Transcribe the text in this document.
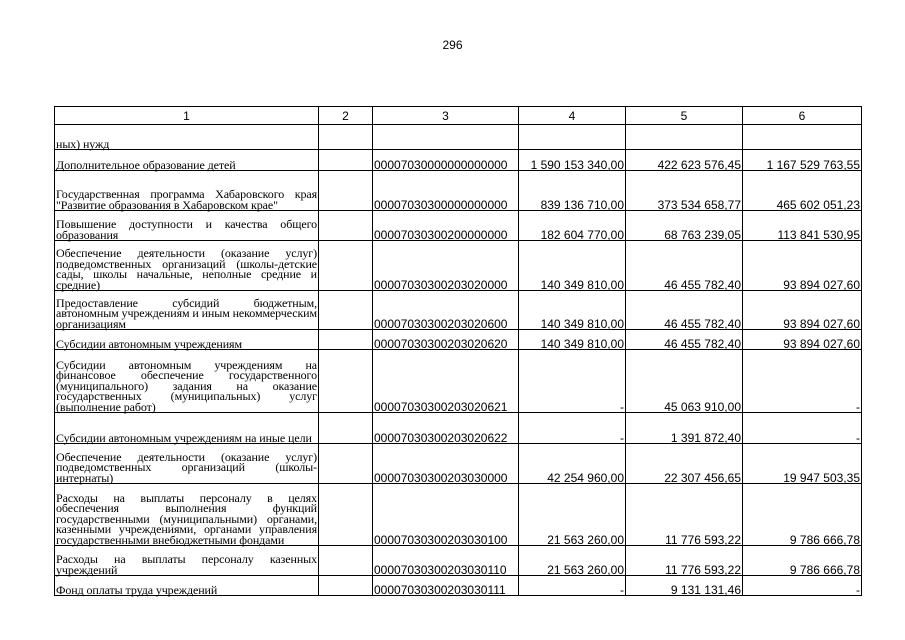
296
1	2	3	4	5	6
ных) нужд					
Дополнительное образование детей		00007030000000000000	1 590 153 340,00	422 623 576,45	1 167 529 763,55
Государственная программа Хабаровского края "Развитие образования в Хабаровском крае"		00007030300000000000	839 136 710,00	373 534 658,77	465 602 051,23
Повышение доступности и качества общего образования		00007030300200000000	182 604 770,00	68 763 239,05	113 841 530,95
Обеспечение деятельности (оказание услуг) подведомственных организаций (школы-детские сады, школы начальные, неполные средние и средние)		00007030300203020000	140 349 810,00	46 455 782,40	93 894 027,60
Предоставление субсидий бюджетным, автономным учреждениям и иным некоммерческим организациям		00007030300203020600	140 349 810,00	46 455 782,40	93 894 027,60
Субсидии автономным учреждениям		00007030300203020620	140 349 810,00	46 455 782,40	93 894 027,60
Субсидии автономным учреждениям на финансовое обеспечение государственного (муниципального) задания на оказание государственных (муниципальных) услуг (выполнение работ)		00007030300203020621	-	45 063 910,00	-
Субсидии автономным учреждениям на иные цели		00007030300203020622	-	1 391 872,40	-
Обеспечение деятельности (оказание услуг) подведомственных организаций (школы-интернаты)		00007030300203030000	42 254 960,00	22 307 456,65	19 947 503,35
Расходы на выплаты персоналу в целях обеспечения выполнения функций государственными (муниципальными) органами, казенными учреждениями, органами управления государственными внебюджетными фондами		00007030300203030100	21 563 260,00	11 776 593,22	9 786 666,78
Расходы на выплаты персоналу казенных учреждений		00007030300203030110	21 563 260,00	11 776 593,22	9 786 666,78
Фонд оплаты труда учреждений		00007030300203030111	-	9 131 131,46	-
